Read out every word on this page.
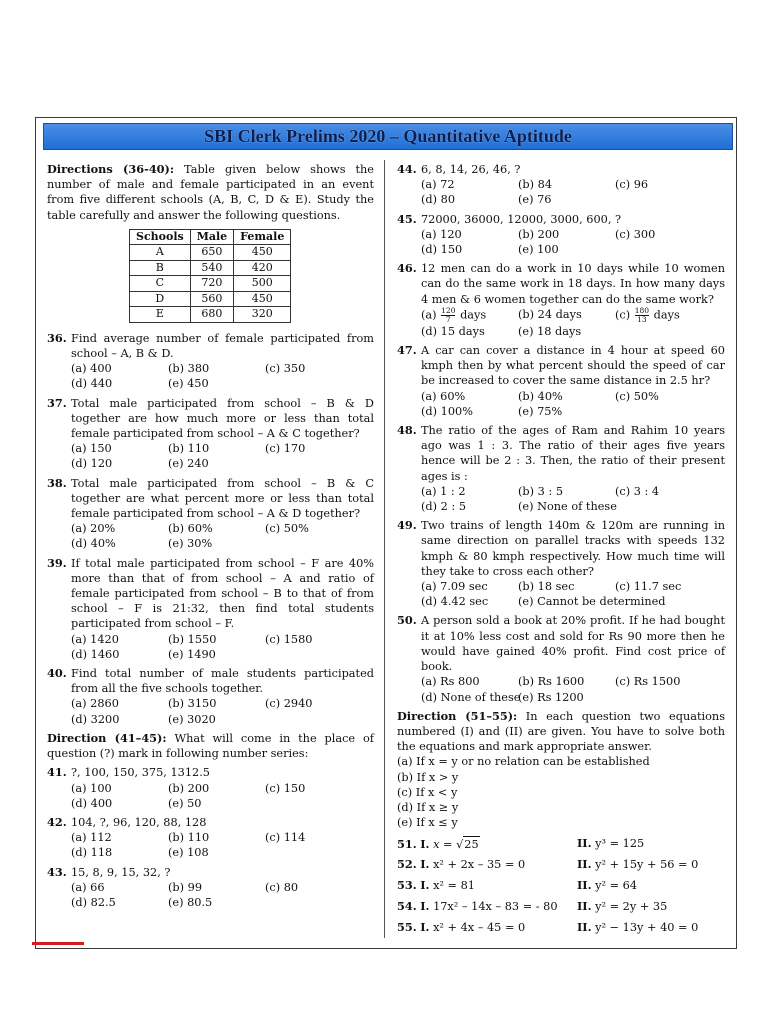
SBI Clerk Prelims 2020 – Quantitative Aptitude
Directions (36-40): Table given below shows the number of male and female participated in an event from five different schools (A, B, C, D & E). Study the table carefully and answer the following questions.
Schools	Male	Female
A	650	450
B	540	420
C	720	500
D	560	450
E	680	320
36. Find average number of female participated from school – A, B & D.
(a) 400	(b) 380	(c) 350
(d) 440	(e) 450
37. Total male participated from school – B & D together are how much more or less than total female participated from school – A & C together?
(a) 150	(b) 110	(c) 170
(d) 120	(e) 240
38. Total male participated from school – B & C together are what percent more or less than total female participated from school – A & D together?
(a) 20%	(b) 60%	(c) 50%
(d) 40%	(e) 30%
39. If total male participated from school – F are 40% more than that of from school – A and ratio of female participated from school – B to that of from school – F is 21:32, then find total students participated from school – F.
(a) 1420	(b) 1550	(c) 1580
(d) 1460	(e) 1490
40. Find total number of male students participated from all the five schools together.
(a) 2860	(b) 3150	(c) 2940
(d) 3200	(e) 3020
Direction (41–45): What will come in the place of question (?) mark in following number series:
41. ?, 100, 150, 375, 1312.5
(a) 100	(b) 200	(c) 150
(d) 400	(e) 50
42. 104, ?, 96, 120, 88, 128
(a) 112	(b) 110	(c) 114
(d) 118	(e) 108
43. 15, 8, 9, 15, 32, ?
(a) 66	(b) 99	(c) 80
(d) 82.5	(e) 80.5
44. 6, 8, 14, 26, 46, ?
(a) 72	(b) 84	(c) 96
(d) 80	(e) 76
45. 72000, 36000, 12000, 3000, 600, ?
(a) 120	(b) 200	(c) 300
(d) 150	(e) 100
46. 12 men can do a work in 10 days while 10 women can do the same work in 18 days. In how many days 4 men & 6 women together can do the same work?
$(a) \frac{120}{7}$ days	(b) 24 days	$(c) \frac{180}{13}$ days
(d) 15 days	(e) 18 days
47. A car can cover a distance in 4 hour at speed 60 kmph then by what percent should the speed of car be increased to cover the same distance in 2.5 hr?
(a) 60%	(b) 40%	(c) 50%
(d) 100%	(e) 75%
48. The ratio of the ages of Ram and Rahim 10 years ago was 1 : 3. The ratio of their ages five years hence will be 2 : 3. Then, the ratio of their present ages is :
(a) 1 : 2	(b) 3 : 5	(c) 3 : 4
(d) 2 : 5	(e) None of these
49. Two trains of length 140m & 120m are running in same direction on parallel tracks with speeds 132 kmph & 80 kmph respectively. How much time will they take to cross each other?
(a) 7.09 sec	(b) 18 sec	(c) 11.7 sec
(d) 4.42 sec	(e) Cannot be determined
50. A person sold a book at 20% profit. If he had bought it at 10% less cost and sold for Rs 90 more then he would have gained 40% profit. Find cost price of book.
(a) Rs 800	(b) Rs 1600	(c) Rs 1500
(d) None of these
(e) Rs 1200
Direction (51–55): In each question two equations numbered (I) and (II) are given. You have to solve both the equations and mark appropriate answer.
(a) If x = y or no relation can be established
(b) If x > y
(c) If x < y
(d) If x ≥ y
(e) If x ≤ y
51. I. x = √25	II. y³ = 125
52. I. x² + 2x – 35 = 0	II. y² + 15y + 56 = 0
53. I. x² = 81	II. y² = 64
54. I. 17x² – 14x – 83 = - 80 II. y² = 2y + 35
55. I. x² + 4x – 45 = 0	II. y² − 13y + 40 = 0
